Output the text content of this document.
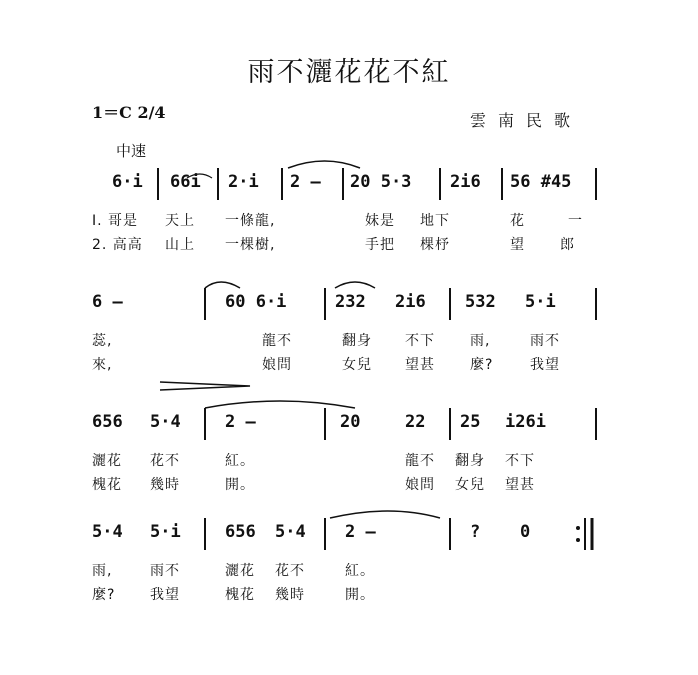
雨不灑花花不紅
1＝C 2/4	雲南民歌
中速
6·i 66i 2·i 2 — 20 5·3 2i6 56 #45
I. 哥是 天上 一條龍,	妹是 地下	花	一
2. 高高 山上 一棵樹,	手把 棵杼	望	郎
6 —	60 6·i	232 2i6 532 5·i
蕊,	龍不	翻身 不下	雨,	雨不
來,	娘問	女兒 望甚	麼?	我望
656 5·4	2 —	20	22 25 i26i
灑花 花不	紅。	龍不 翻身 不下
槐花 幾時	開。	娘問 女兒 望甚
5·4 5·i	656 5·4 2 —	? 0
雨,	雨不	灑花 花不	紅。
麼? 我望	槐花 幾時	開。
